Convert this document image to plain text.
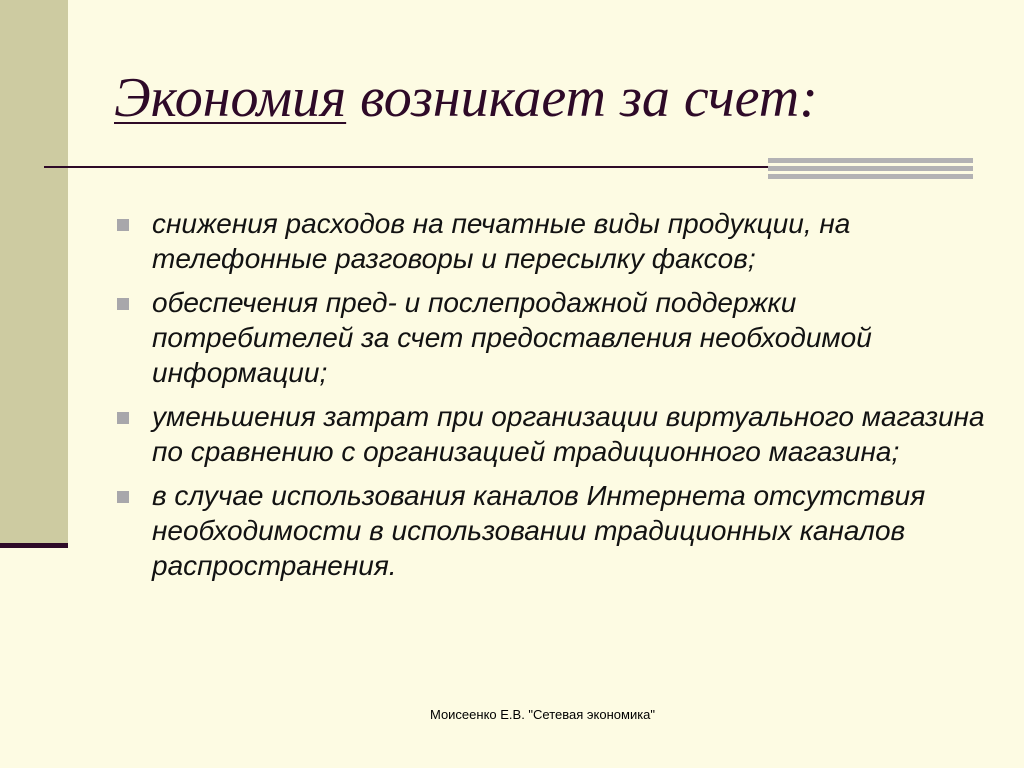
Экономия возникает за счет:
снижения расходов на печатные виды продукции, на телефонные разговоры и пересылку факсов;
обеспечения пред- и послепродажной поддержки потребителей за счет предоставления необходимой информации;
уменьшения затрат при организации виртуального магазина по сравнению с организацией традиционного магазина;
в случае использования каналов Интернета отсутствия необходимости в использовании традиционных каналов распространения.
Моисеенко Е.В. "Сетевая экономика"
